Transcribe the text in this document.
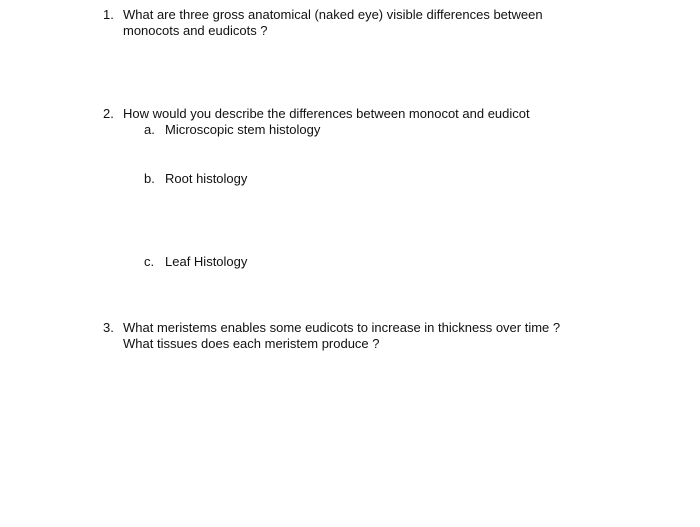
1. What are three gross anatomical (naked eye) visible differences between
monocots and eudicots ?
2. How would you describe the differences between monocot and eudicot
a. Microscopic stem histology
b. Root histology
c. Leaf Histology
3. What meristems enables some eudicots to increase in thickness over time ?
What tissues does each meristem produce ?
